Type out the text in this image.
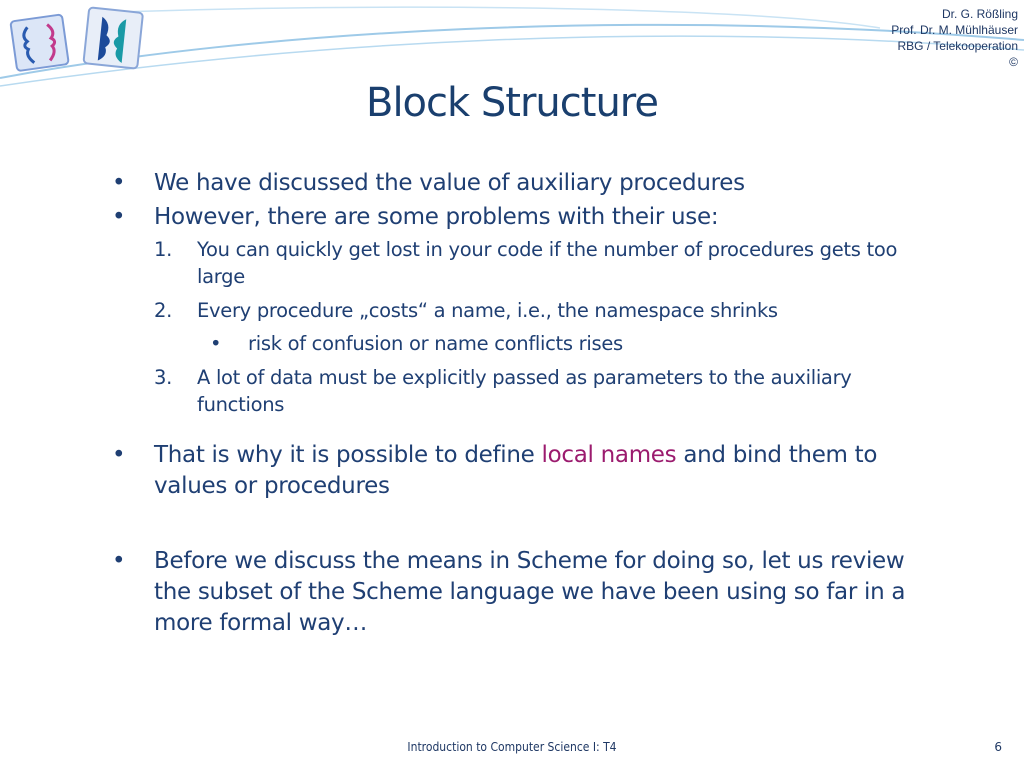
Dr. G. Rößling
Prof. Dr. M. Mühlhäuser
RBG / Telekooperation
©
Block Structure
• We have discussed the value of auxiliary procedures
• However, there are some problems with their use:
1. You can quickly get lost in your code if the number of procedures gets too large
2. Every procedure „costs“ a name, i.e., the namespace shrinks
• risk of confusion or name conflicts rises
3. A lot of data must be explicitly passed as parameters to the auxiliary functions
• That is why it is possible to define local names and bind them to values or procedures
• Before we discuss the means in Scheme for doing so, let us review the subset of the Scheme language we have been using so far in a more formal way…
Introduction to Computer Science I: T4	6
